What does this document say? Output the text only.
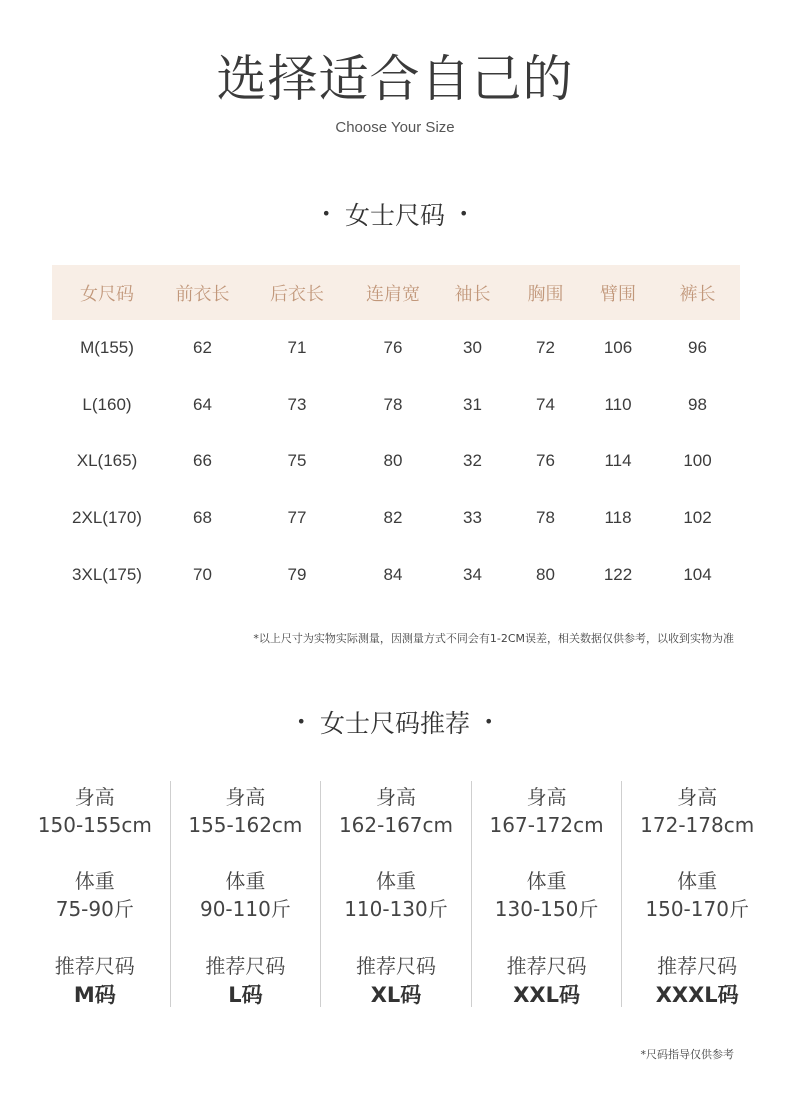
选择适合自己的
Choose Your Size
• 女士尺码 •
女尺码	前衣长	后衣长	连肩宽	袖长	胸围	臂围	裤长
M(155)	62	71	76	30	72	106	96
L(160)	64	73	78	31	74	110	98
XL(165)	66	75	80	32	76	114	100
2XL(170)	68	77	82	33	78	118	102
3XL(175)	70	79	84	34	80	122	104
*以上尺寸为实物实际测量，因测量方式不同会有1-2CM误差，相关数据仅供参考，以收到实物为准
• 女士尺码推荐 •
身高
150-155cm
体重
75-90斤
推荐尺码
M码
身高
155-162cm
体重
90-110斤
推荐尺码
L码
身高
162-167cm
体重
110-130斤
推荐尺码
XL码
身高
167-172cm
体重
130-150斤
推荐尺码
XXL码
身高
172-178cm
体重
150-170斤
推荐尺码
XXXL码
*尺码指导仅供参考
